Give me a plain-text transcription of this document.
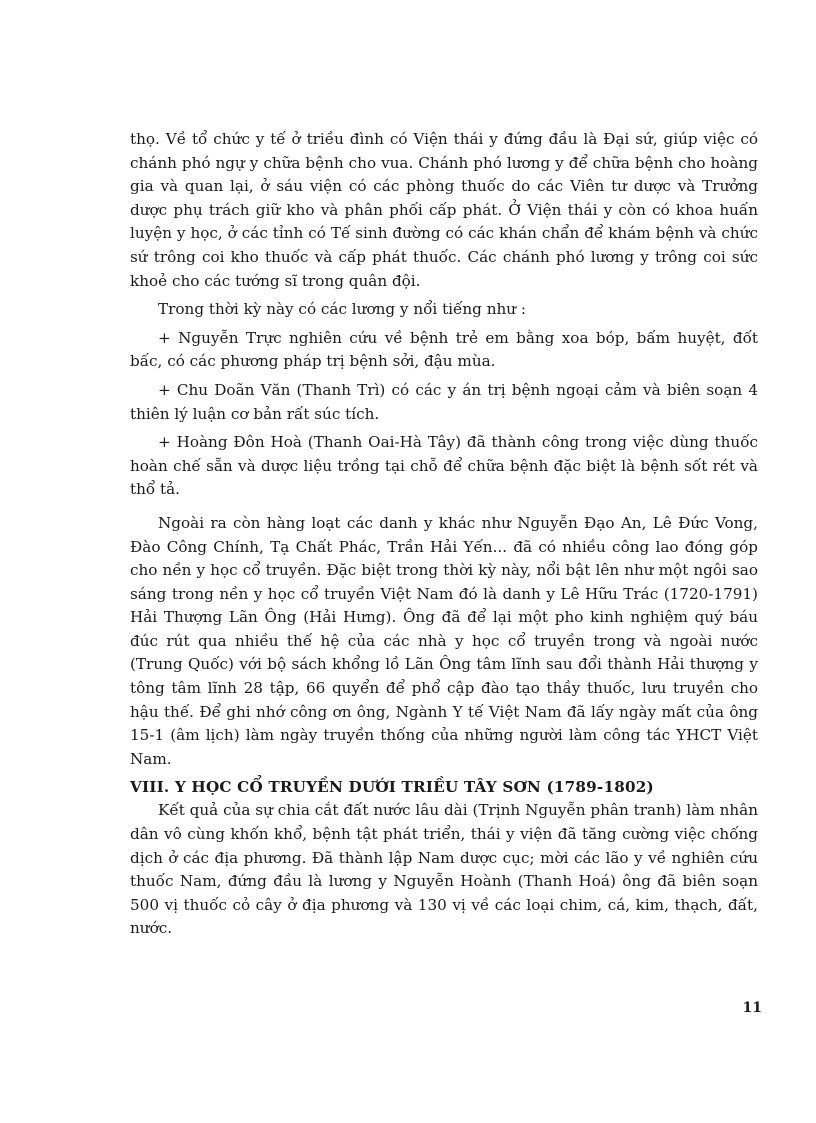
thọ. Về tổ chức y tế ở triều đình có Viện thái y đứng đầu là Đại sứ, giúp việc có chánh phó ngự y chữa bệnh cho vua. Chánh phó lương y để chữa bệnh cho hoàng gia và quan lại, ở sáu viện có các phòng thuốc do các Viên tư dược và Trưởng dược phụ trách giữ kho và phân phối cấp phát. Ở Viện thái y còn có khoa huấn luyện y học, ở các tỉnh có Tế sinh đường có các khán chẩn để khám bệnh và chức sứ trông coi kho thuốc và cấp phát thuốc. Các chánh phó lương y trông coi sức khoẻ cho các tướng sĩ trong quân đội.

Trong thời kỳ này có các lương y nổi tiếng như :

+ Nguyễn Trực nghiên cứu về bệnh trẻ em bằng xoa bóp, bấm huyệt, đốt bấc, có các phương pháp trị bệnh sởi, đậu mùa.

+ Chu Doãn Văn (Thanh Trì) có các y án trị bệnh ngoại cảm và biên soạn 4 thiên lý luận cơ bản rất súc tích.

+ Hoàng Đôn Hoà (Thanh Oai-Hà Tây) đã thành công trong việc dùng thuốc hoàn chế sẵn và dược liệu trồng tại chỗ để chữa bệnh đặc biệt là bệnh sốt rét và thổ tả.

Ngoài ra còn hàng loạt các danh y khác như Nguyễn Đạo An, Lê Đức Vong, Đào Công Chính, Tạ Chất Phác, Trần Hải Yến... đã có nhiều công lao đóng góp cho nền y học cổ truyền. Đặc biệt trong thời kỳ này, nổi bật lên như một ngôi sao sáng trong nền y học cổ truyền Việt Nam đó là danh y Lê Hữu Trác (1720-1791) Hải Thượng Lãn Ông (Hải Hưng). Ông đã để lại một pho kinh nghiệm quý báu đúc rút qua nhiều thế hệ của các nhà y học cổ truyền trong và ngoài nước (Trung Quốc) với bộ sách khổng lồ Lãn Ông tâm lĩnh sau đổi thành Hải thượng y tông tâm lĩnh 28 tập, 66 quyển để phổ cập đào tạo thầy thuốc, lưu truyền cho hậu thế. Để ghi nhớ công ơn ông, Ngành Y tế Việt Nam đã lấy ngày mất của ông 15-1 (âm lịch) làm ngày truyền thống của những người làm công tác YHCT Việt Nam.

VIII. Y HỌC CỔ TRUYỀN DƯỚI TRIỀU TÂY SƠN (1789-1802)

Kết quả của sự chia cắt đất nước lâu dài (Trịnh Nguyễn phân tranh) làm nhân dân vô cùng khốn khổ, bệnh tật phát triển, thái y viện đã tăng cường việc chống dịch ở các địa phương. Đã thành lập Nam dược cục; mời các lão y về nghiên cứu thuốc Nam, đứng đầu là lương y Nguyễn Hoành (Thanh Hoá) ông đã biên soạn 500 vị thuốc cỏ cây ở địa phương và 130 vị về các loại chim, cá, kim, thạch, đất, nước.

11
